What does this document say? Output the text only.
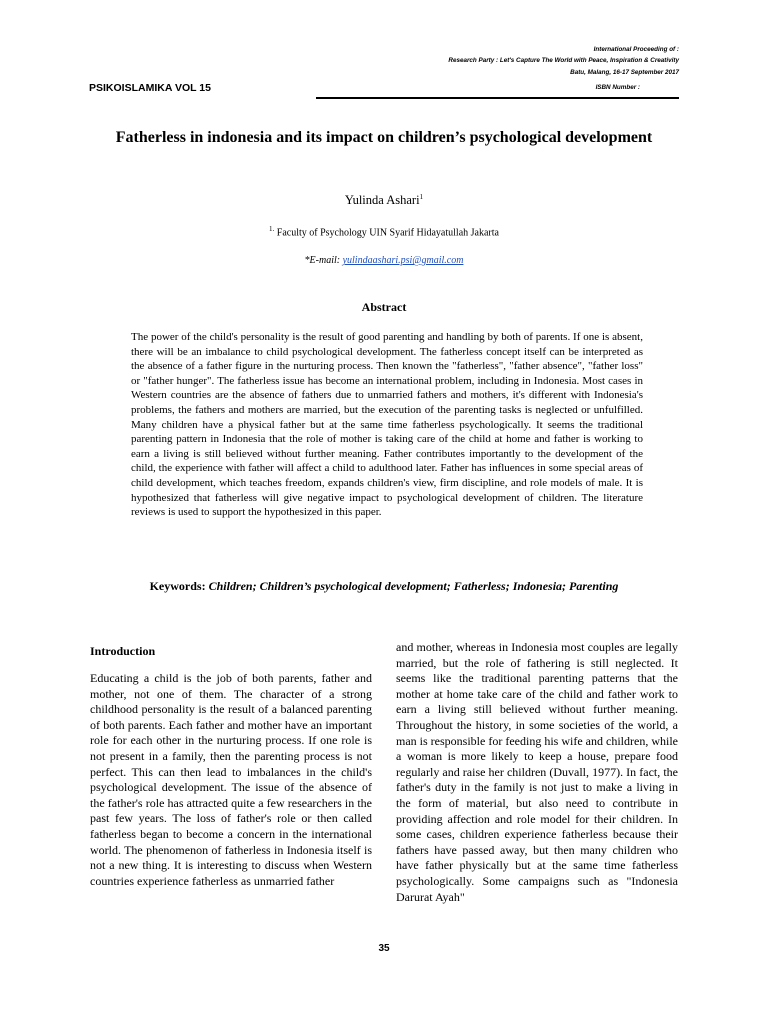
International Proceeding of :
Research Party : Let's Capture The World with Peace, Inspiration & Creativity
Batu, Malang, 16-17 September 2017
PSIKOISLAMIKA VOL 15	ISBN Number :
Fatherless in indonesia and its impact on children’s psychological development
Yulinda Ashari$^1$
$^{1.}$ Faculty of Psychology UIN Syarif Hidayatullah Jakarta
*E-mail: yulindaashari.psi@gmail.com
Abstract
The power of the child's personality is the result of good parenting and handling by both of parents. If one is absent, there will be an imbalance to child psychological development. The fatherless concept itself can be interpreted as the absence of a father figure in the nurturing process. Then known the "fatherless", "father absence", "father loss" or "father hunger". The fatherless issue has become an international problem, including in Indonesia. Most cases in Western countries are the absence of fathers due to unmarried fathers and mothers, it's different with Indonesia's problems, the fathers and mothers are married, but the execution of the parenting tasks is neglected or unfulfilled. Many children have a physical father but at the same time fatherless psychologically. It seems the traditional parenting pattern in Indonesia that the role of mother is taking care of the child at home and father is working to earn a living is still believed without further meaning. Father contributes importantly to the development of the child, the experience with father will affect a child to adulthood later. Father has influences in some special areas of child development, which teaches freedom, expands children's view, firm discipline, and role models of male. It is hypothesized that fatherless will give negative impact to psychological development of children. The literature reviews is used to support the hypothesized in this paper.
Keywords: Children; Children’s psychological development; Fatherless; Indonesia; Parenting
Introduction
Educating a child is the job of both parents, father and mother, not one of them. The character of a strong childhood personality is the result of a balanced parenting of both parents. Each father and mother have an important role for each other in the nurturing process. If one role is not present in a family, then the parenting process is not perfect. This can then lead to imbalances in the child's psychological development. The issue of the absence of the father's role has attracted quite a few researchers in the past few years. The loss of father's role or then called fatherless began to become a concern in the international world. The phenomenon of fatherless in Indonesia itself is not a new thing. It is interesting to discuss when Western countries experience fatherless as unmarried father
and mother, whereas in Indonesia most couples are legally married, but the role of fathering is still neglected. It seems like the traditional parenting patterns that the mother at home take care of the child and father work to earn a living still believed without further meaning. Throughout the history, in some societies of the world, a man is responsible for feeding his wife and children, while a woman is more likely to keep a house, prepare food regularly and raise her children (Duvall, 1977). In fact, the father's duty in the family is not just to make a living in the form of material, but also need to contribute in providing affection and role model for their children. In some cases, children experience fatherless because their fathers have passed away, but then many children who have father physically but at the same time fatherless psychologically. Some campaigns such as "Indonesia Darurat Ayah"
35
